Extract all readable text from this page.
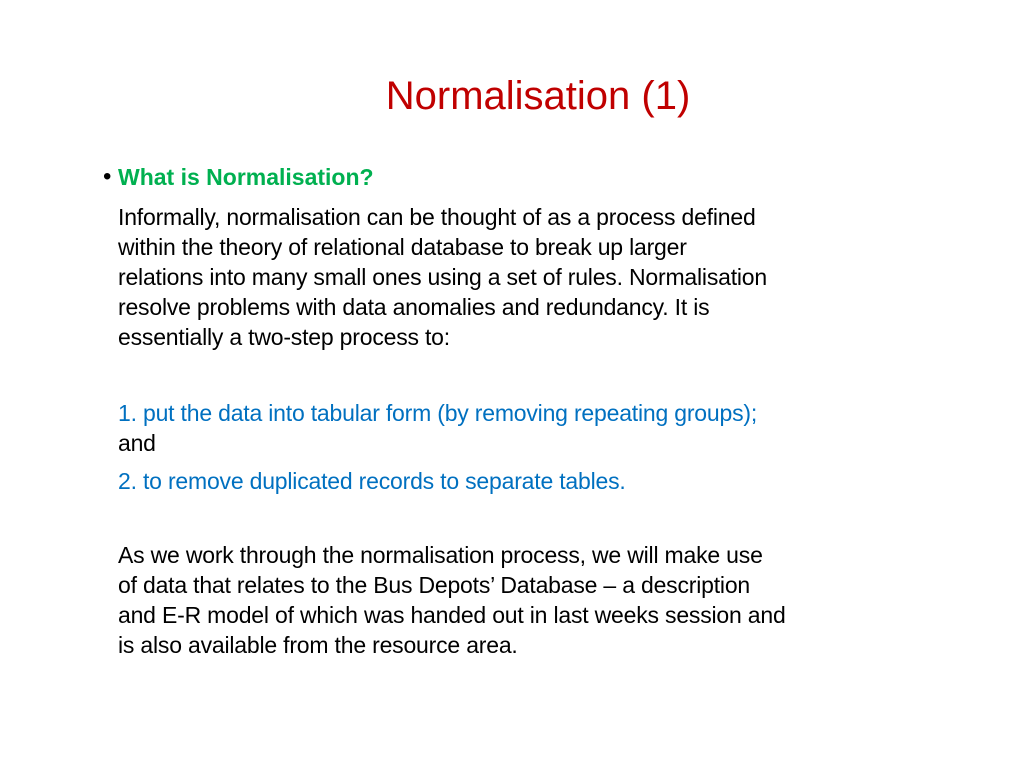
Normalisation (1)
• What is Normalisation?
Informally, normalisation can be thought of as a process defined
within the theory of relational database to break up larger
relations into many small ones using a set of rules. Normalisation
resolve problems with data anomalies and redundancy. It is
essentially a two-step process to:
1. put the data into tabular form (by removing repeating groups);
and
2. to remove duplicated records to separate tables.
As we work through the normalisation process, we will make use
of data that relates to the Bus Depots’ Database – a description
and E-R model of which was handed out in last weeks session and
is also available from the resource area.
